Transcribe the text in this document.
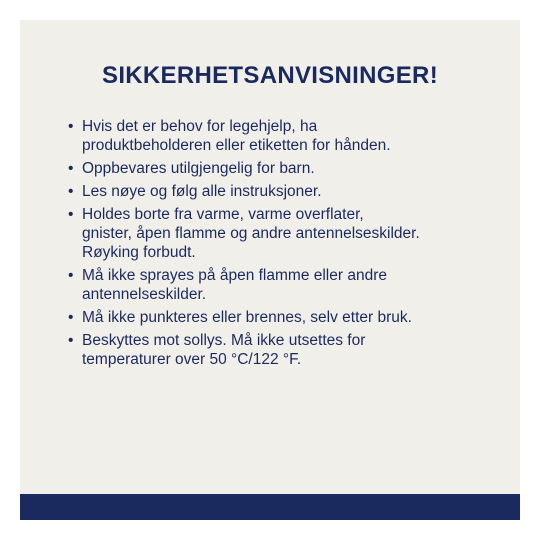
SIKKERHETSANVISNINGER!
• Hvis det er behov for legehjelp, ha
produktbeholderen eller etiketten for hånden.
• Oppbevares utilgjengelig for barn.
• Les nøye og følg alle instruksjoner.
• Holdes borte fra varme, varme overflater,
gnister, åpen flamme og andre antennelseskilder.
Røyking forbudt.
• Må ikke sprayes på åpen flamme eller andre
antennelseskilder.
• Må ikke punkteres eller brennes, selv etter bruk.
• Beskyttes mot sollys. Må ikke utsettes for
temperaturer over 50 °C/122 °F.
